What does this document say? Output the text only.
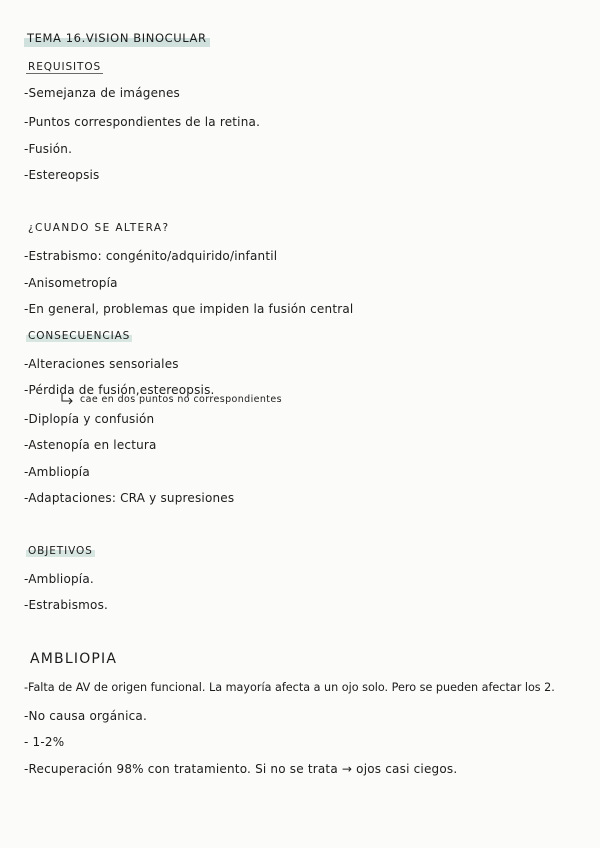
TEMA 16.VISION BINOCULAR
REQUISITOS
-Semejanza de imágenes
-Puntos correspondientes de la retina.
-Fusión.
-Estereopsis
¿CUANDO SE ALTERA?
-Estrabismo: congénito/adquirido/infantil
-Anisometropía
-En general, problemas que impiden la fusión central
CONSECUENCIAS
-Alteraciones sensoriales
-Pérdida de fusión,estereopsis.
cae en dos puntos no correspondientes
-Diplopía y confusión
-Astenopía en lectura
-Ambliopía
-Adaptaciones: CRA y supresiones
OBJETIVOS
-Ambliopía.
-Estrabismos.
AMBLIOPIA
-Falta de AV de origen funcional. La mayoría afecta a un ojo solo. Pero se pueden afectar los 2.
-No causa orgánica.
- 1-2%
-Recuperación 98% con tratamiento. Si no se trata → ojos casi ciegos.
